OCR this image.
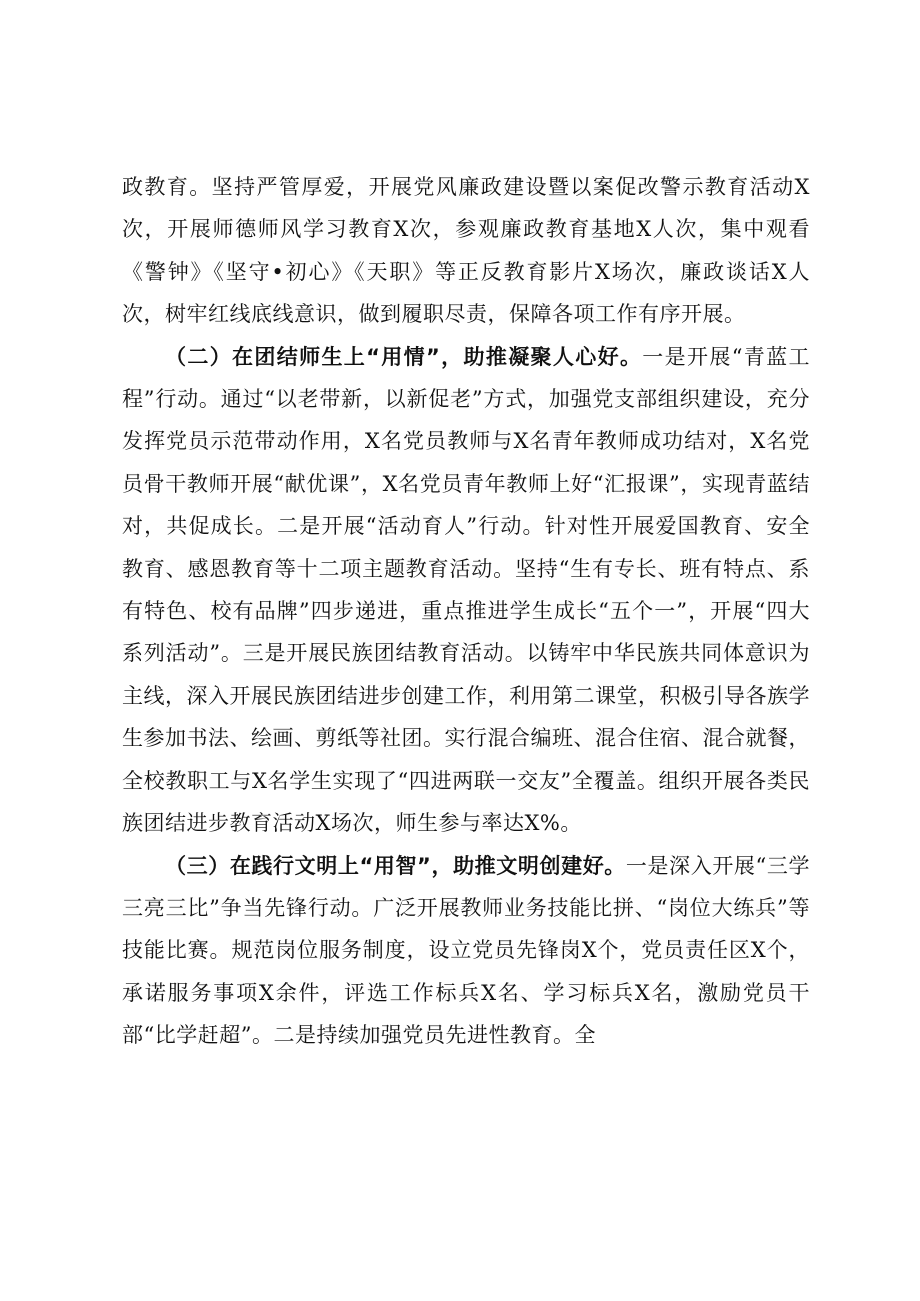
政教育。坚持严管厚爱，开展党风廉政建设暨以案促改警示教育活动X次，开展师德师风学习教育X次，参观廉政教育基地X人次，集中观看《警钟》《坚守•初心》《天职》等正反教育影片X场次，廉政谈话X人次，树牢红线底线意识，做到履职尽责，保障各项工作有序开展。

（二）在团结师生上“用情”，助推凝聚人心好。一是开展“青蓝工程”行动。通过“以老带新，以新促老”方式，加强党支部组织建设，充分发挥党员示范带动作用，X名党员教师与X名青年教师成功结对，X名党员骨干教师开展“献优课”，X名党员青年教师上好“汇报课”，实现青蓝结对，共促成长。二是开展“活动育人”行动。针对性开展爱国教育、安全教育、感恩教育等十二项主题教育活动。坚持“生有专长、班有特点、系有特色、校有品牌”四步递进，重点推进学生成长“五个一”，开展“四大系列活动”。三是开展民族团结教育活动。以铸牢中华民族共同体意识为主线，深入开展民族团结进步创建工作，利用第二课堂，积极引导各族学生参加书法、绘画、剪纸等社团。实行混合编班、混合住宿、混合就餐，全校教职工与X名学生实现了“四进两联一交友”全覆盖。组织开展各类民族团结进步教育活动X场次，师生参与率达X%。

（三）在践行文明上“用智”，助推文明创建好。一是深入开展“三学三亮三比”争当先锋行动。广泛开展教师业务技能比拼、“岗位大练兵”等技能比赛。规范岗位服务制度，设立党员先锋岗X个，党员责任区X个，承诺服务事项X余件，评选工作标兵X名、学习标兵X名，激励党员干部“比学赶超”。二是持续加强党员先进性教育。全
